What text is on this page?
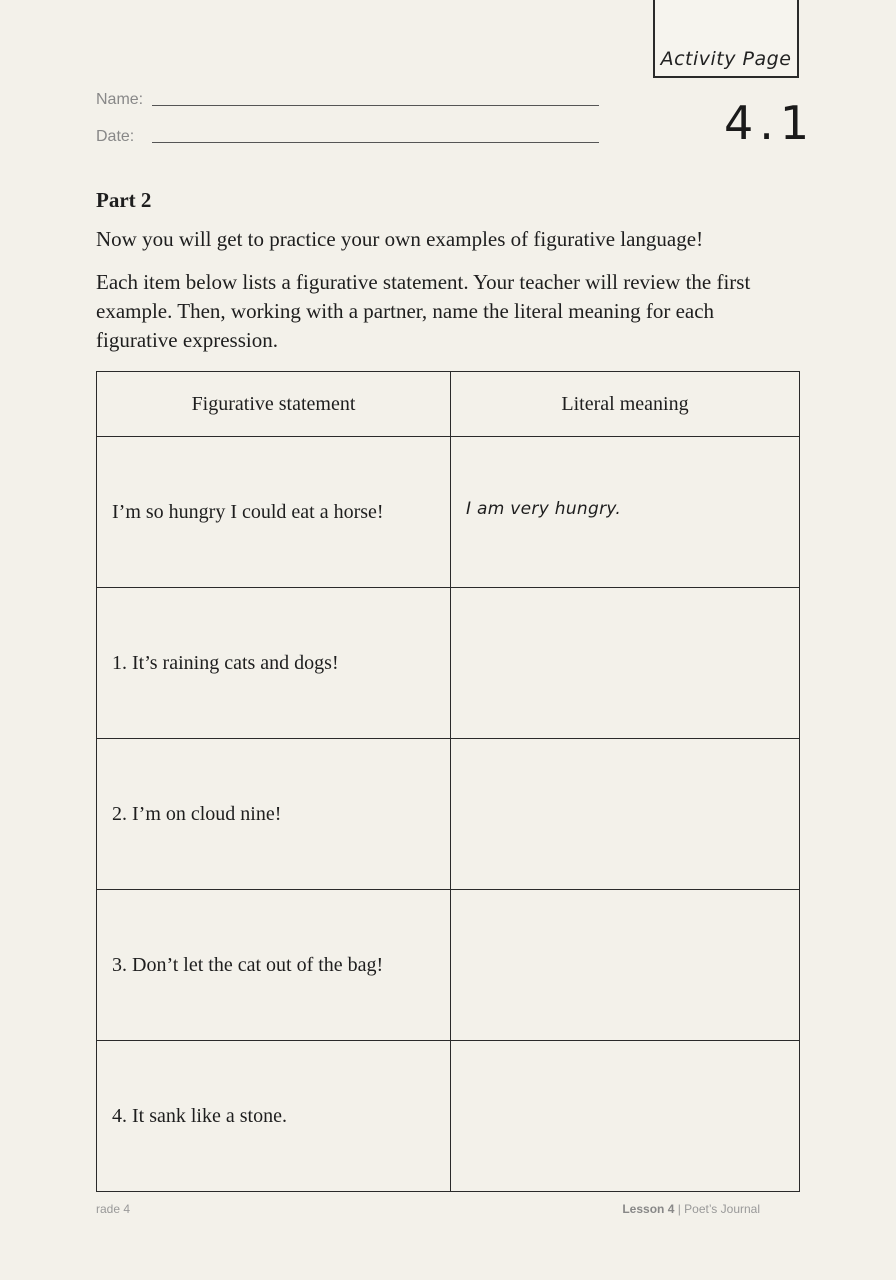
Activity Page
4.1
Name:
Date:
Part 2
Now you will get to practice your own examples of figurative language!
Each item below lists a figurative statement. Your teacher will review the first example. Then, working with a partner, name the literal meaning for each figurative expression.
Figurative statement	Literal meaning
I’m so hungry I could eat a horse!	$^{I am very hungry.}$
1. It’s raining cats and dogs!	
2. I’m on cloud nine!	
3. Don’t let the cat out of the bag!	
4. It sank like a stone.	
rade 4	Lesson 4 | Poet’s Journal
